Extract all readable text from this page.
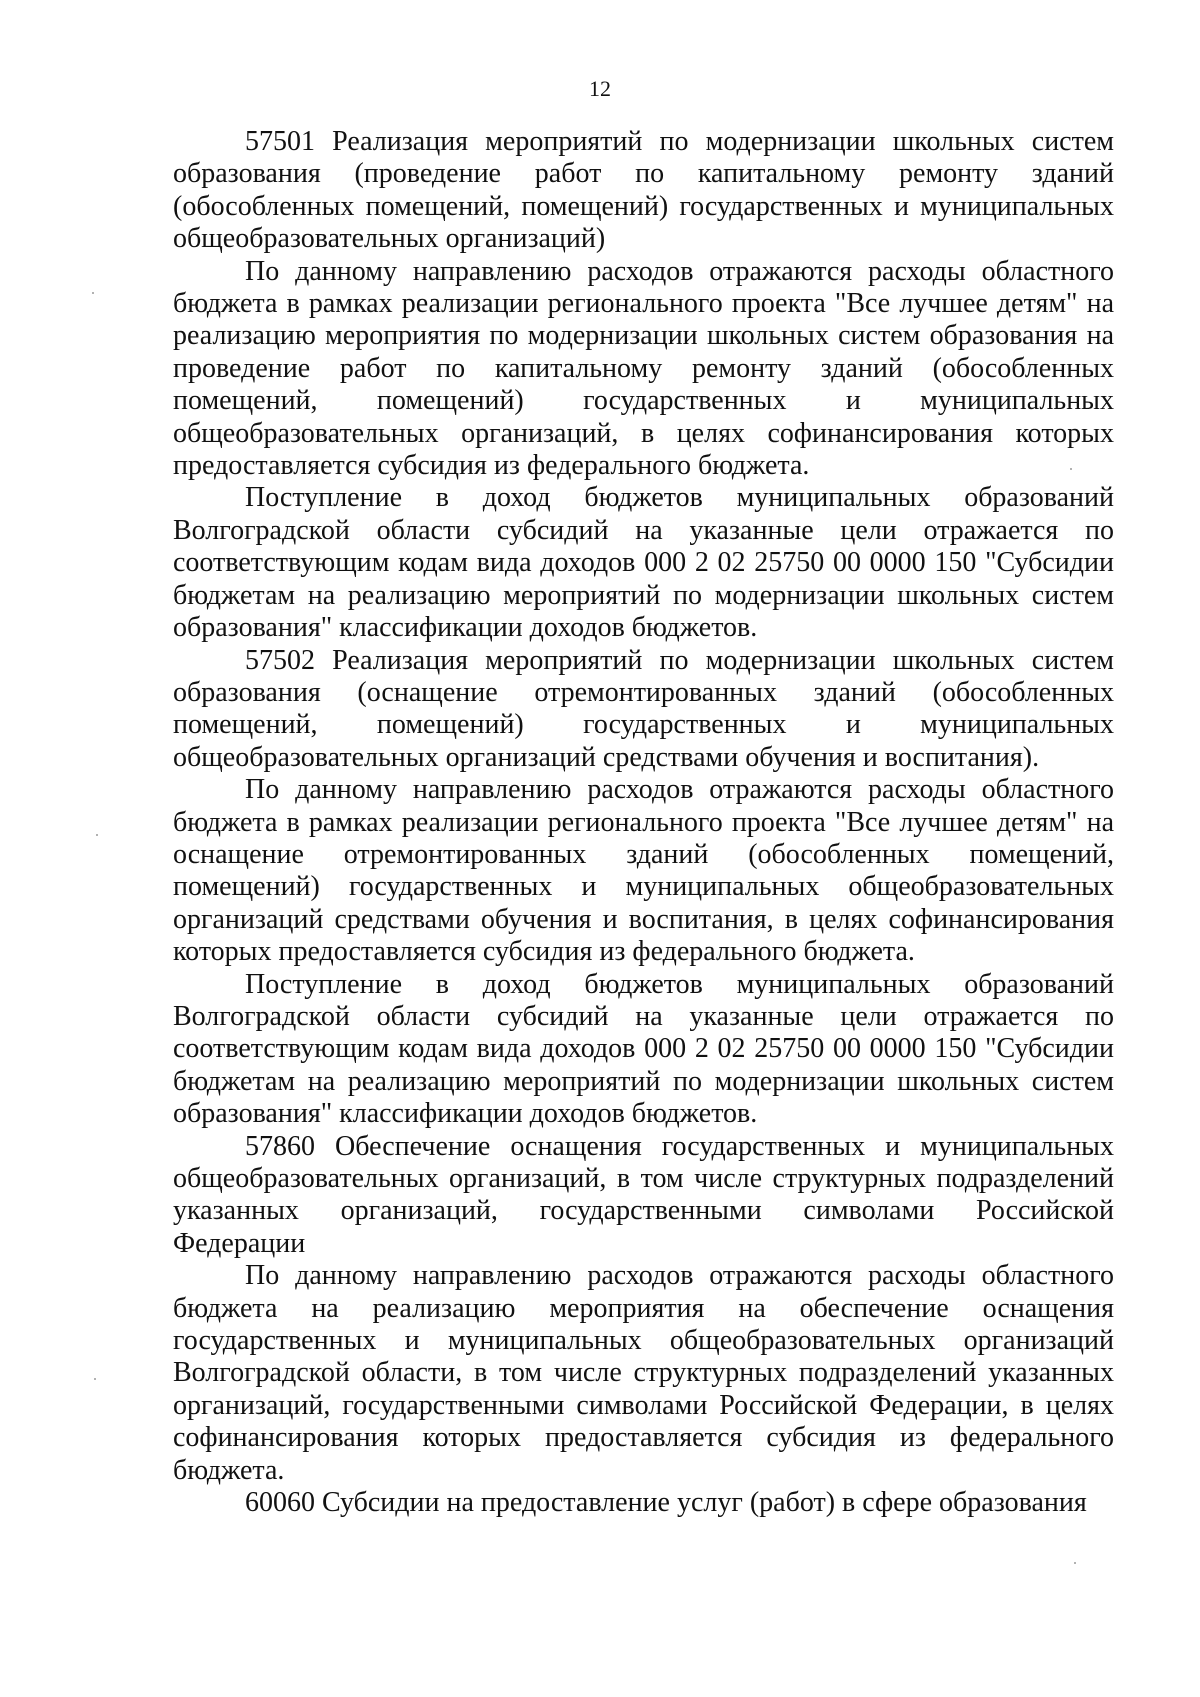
12

57501 Реализация мероприятий по модернизации школьных систем образования (проведение работ по капитальному ремонту зданий (обособленных помещений, помещений) государственных и муниципальных общеобразовательных организаций)

По данному направлению расходов отражаются расходы областного бюджета в рамках реализации регионального проекта "Все лучшее детям" на реализацию мероприятия по модернизации школьных систем образования на проведение работ по капитальному ремонту зданий (обособленных помещений, помещений) государственных и муниципальных общеобразовательных организаций, в целях софинансирования которых предоставляется субсидия из федерального бюджета.

Поступление в доход бюджетов муниципальных образований Волгоградской области субсидий на указанные цели отражается по соответствующим кодам вида доходов 000 2 02 25750 00 0000 150 "Субсидии бюджетам на реализацию мероприятий по модернизации школьных систем образования" классификации доходов бюджетов.

57502 Реализация мероприятий по модернизации школьных систем образования (оснащение отремонтированных зданий (обособленных помещений, помещений) государственных и муниципальных общеобразовательных организаций средствами обучения и воспитания).

По данному направлению расходов отражаются расходы областного бюджета в рамках реализации регионального проекта "Все лучшее детям" на оснащение отремонтированных зданий (обособленных помещений, помещений) государственных и муниципальных общеобразовательных организаций средствами обучения и воспитания, в целях софинансирования которых предоставляется субсидия из федерального бюджета.

Поступление в доход бюджетов муниципальных образований Волгоградской области субсидий на указанные цели отражается по соответствующим кодам вида доходов 000 2 02 25750 00 0000 150 "Субсидии бюджетам на реализацию мероприятий по модернизации школьных систем образования" классификации доходов бюджетов.

57860 Обеспечение оснащения государственных и муниципальных общеобразовательных организаций, в том числе структурных подразделений указанных организаций, государственными символами Российской Федерации

По данному направлению расходов отражаются расходы областного бюджета на реализацию мероприятия на обеспечение оснащения государственных и муниципальных общеобразовательных организаций Волгоградской области, в том числе структурных подразделений указанных организаций, государственными символами Российской Федерации, в целях софинансирования которых предоставляется субсидия из федерального бюджета.

60060 Субсидии на предоставление услуг (работ) в сфере образования
